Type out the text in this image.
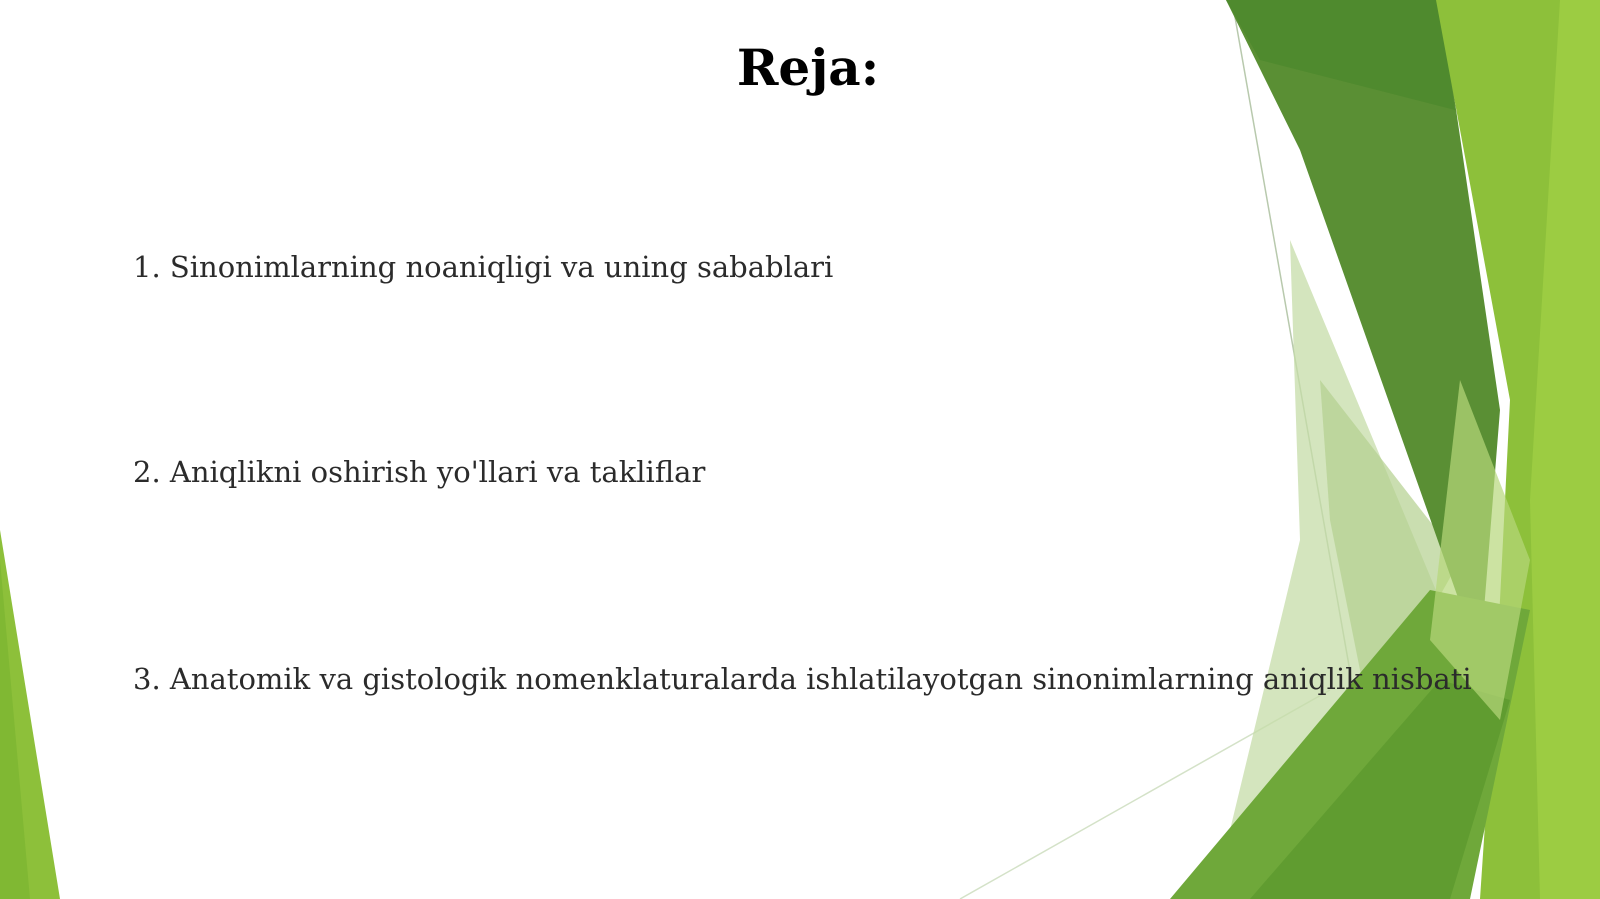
Reja:
1. Sinonimlarning noaniqligi va uning sabablari
2. Aniqlikni oshirish yo'llari va takliflar
3. Anatomik va gistologik nomenklaturalarda ishlatilayotgan sinonimlarning aniqlik nisbati
